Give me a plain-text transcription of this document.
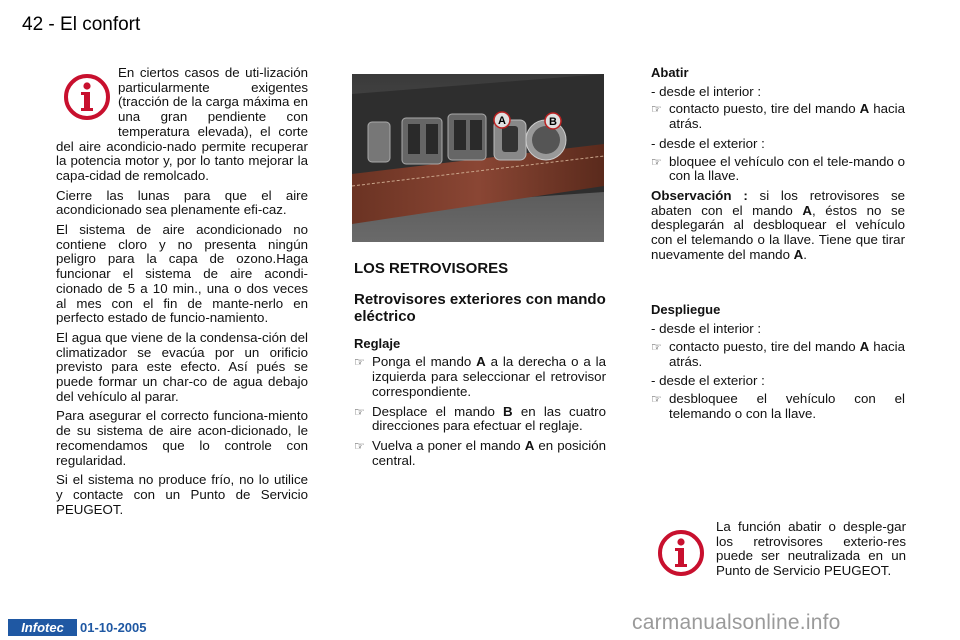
42 - El confort

En ciertos casos de uti-lización particularmente exigentes (tracción de la carga máxima en una gran pendiente con temperatura elevada), el corte del aire acondicio-nado permite recuperar la potencia motor y, por lo tanto mejorar la capa-cidad de remolcado.

Cierre las lunas para que el aire acondicionado sea plenamente efi-caz.

El sistema de aire acondicionado no contiene cloro y no presenta ningún peligro para la capa de ozono.Haga funcionar el sistema de aire acondi-cionado de 5 a 10 min., una o dos veces al mes con el fin de mante-nerlo en perfecto estado de funcio-namiento.

El agua que viene de la condensa-ción del climatizador se evacúa por un orificio previsto para este efecto. Así pués se puede formar un char-co de agua debajo del vehículo al parar.

Para asegurar el correcto funciona-miento de su sistema de aire acon-dicionado, le recomendamos que lo controle con regularidad.

Si el sistema no produce frío, no lo utilice y contacte con un Punto de Servicio PEUGEOT.

A	B
LOS RETROVISORES
Retrovisores exteriores con mando eléctrico
Reglaje
☞ Ponga el mando A a la derecha o a la izquierda para seleccionar el retrovisor correspondiente.
☞ Desplace el mando B en las cuatro direcciones para efectuar el reglaje.
☞ Vuelva a poner el mando A en posición central.
Abatir
- desde el interior :
☞ contacto puesto, tire del mando A hacia atrás.
- desde el exterior :
☞ bloquee el vehículo con el tele-mando o con la llave.

Observación : si los retrovisores se abaten con el mando A, éstos no se desplegarán al desbloquear el vehículo con el telemando o la llave. Tiene que tirar nuevamente del mando A.

Despliegue
- desde el interior :
☞ contacto puesto, tire del mando A hacia atrás.
- desde el exterior :
☞ desbloquee el vehículo con el telemando o con la llave.
La función abatir o desple-gar los retrovisores exterio-res puede ser neutralizada en un Punto de Servicio PEUGEOT.
Infotec	01-10-2005	carmanualsonline.info
